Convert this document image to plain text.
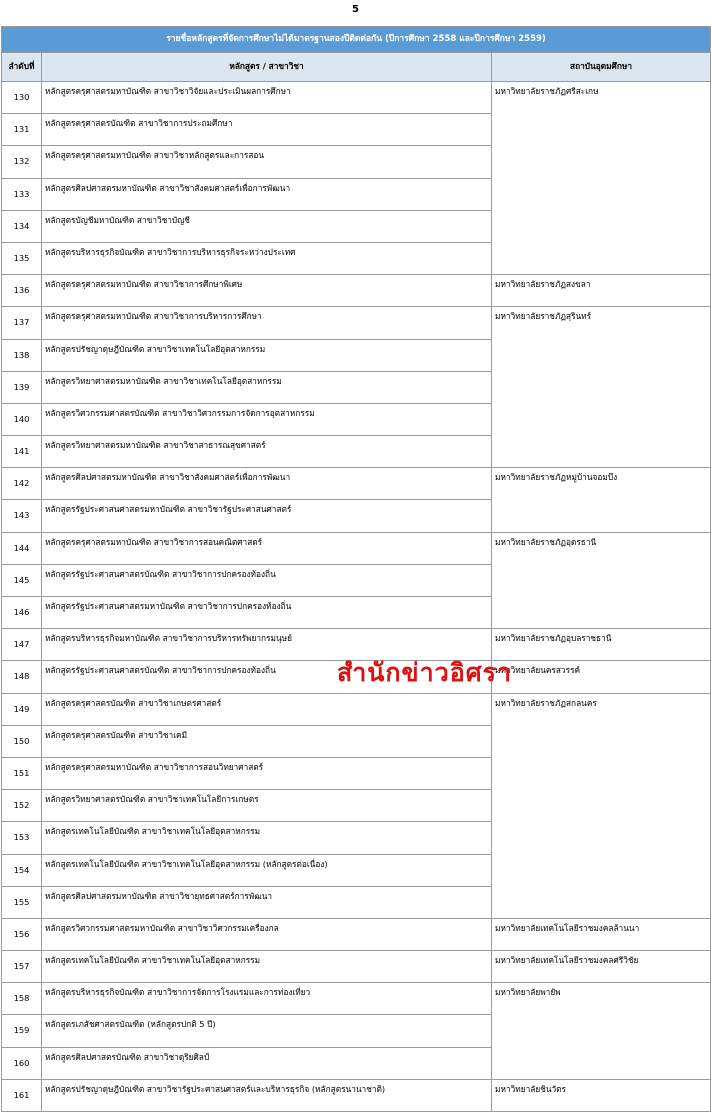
5
รายชื่อหลักสูตรที่จัดการศึกษาไม่ได้มาตรฐานสองปีติดต่อกัน (ปีการศึกษา 2558 และปีการศึกษา 2559)		
ลำดับที่	หลักสูตร / สาขาวิชา	สถาบันอุดมศึกษา
130	หลักสูตรครุศาสตรมหาบัณฑิต สาขาวิชาวิจัยและประเมินผลการศึกษา	มหาวิทยาลัยราชภัฏศรีสะเกษ
131	หลักสูตรครุศาสตรบัณฑิต สาขาวิชาการประถมศึกษา	
132	หลักสูตรครุศาสตรมหาบัณฑิต สาขาวิชาหลักสูตรและการสอน	
133	หลักสูตรศิลปศาสตรมหาบัณฑิต สาขาวิชาสังคมศาสตร์เพื่อการพัฒนา	
134	หลักสูตรบัญชีมหาบัณฑิต สาขาวิชาบัญชี	
135	หลักสูตรบริหารธุรกิจบัณฑิต สาขาวิชาการบริหารธุรกิจระหว่างประเทศ	
136	หลักสูตรครุศาสตรมหาบัณฑิต สาขาวิชาการศึกษาพิเศษ	มหาวิทยาลัยราชภัฏสงขลา
137	หลักสูตรครุศาสตรมหาบัณฑิต สาขาวิชาการบริหารการศึกษา	มหาวิทยาลัยราชภัฏสุรินทร์
138	หลักสูตรปรัชญาดุษฎีบัณฑิต สาขาวิชาเทคโนโลยีอุตสาหกรรม	
139	หลักสูตรวิทยาศาสตรมหาบัณฑิต สาขาวิชาเทคโนโลยีอุตสาหกรรม	
140	หลักสูตรวิศวกรรมศาสตรบัณฑิต สาขาวิชาวิศวกรรมการจัดการอุตสาหกรรม	
141	หลักสูตรวิทยาศาสตรมหาบัณฑิต สาขาวิชาสาธารณสุขศาสตร์	
142	หลักสูตรศิลปศาสตรมหาบัณฑิต สาขาวิชาสังคมศาสตร์เพื่อการพัฒนา	มหาวิทยาลัยราชภัฏหมู่บ้านจอมบึง
143	หลักสูตรรัฐประศาสนศาสตรมหาบัณฑิต สาขาวิชารัฐประศาสนศาสตร์	
144	หลักสูตรครุศาสตรมหาบัณฑิต สาขาวิชาการสอนคณิตศาสตร์	มหาวิทยาลัยราชภัฏอุดรธานี
145	หลักสูตรรัฐประศาสนศาสตรบัณฑิต สาขาวิชาการปกครองท้องถิ่น	
146	หลักสูตรรัฐประศาสนศาสตรมหาบัณฑิต สาขาวิชาการปกครองท้องถิ่น	
147	หลักสูตรบริหารธุรกิจมหาบัณฑิต สาขาวิชาการบริหารทรัพยากรมนุษย์	มหาวิทยาลัยราชภัฏอุบลราชธานี
148	หลักสูตรรัฐประศาสนศาสตรบัณฑิต สาขาวิชาการปกครองท้องถิ่น	มหาวิทยาลัยนครสวรรค์
149	หลักสูตรครุศาสตรบัณฑิต สาขาวิชาเกษตรศาสตร์	มหาวิทยาลัยราชภัฏสกลนคร
150	หลักสูตรครุศาสตรบัณฑิต สาขาวิชาเคมี	
151	หลักสูตรครุศาสตรมหาบัณฑิต สาขาวิชาการสอนวิทยาศาสตร์	
152	หลักสูตรวิทยาศาสตรบัณฑิต สาขาวิชาเทคโนโลยีการเกษตร	
153	หลักสูตรเทคโนโลยีบัณฑิต สาขาวิชาเทคโนโลยีอุตสาหกรรม	
154	หลักสูตรเทคโนโลยีบัณฑิต สาขาวิชาเทคโนโลยีอุตสาหกรรม (หลักสูตรต่อเนื่อง)	
155	หลักสูตรศิลปศาสตรมหาบัณฑิต สาขาวิชายุทธศาสตร์การพัฒนา	
156	หลักสูตรวิศวกรรมศาสตรมหาบัณฑิต สาขาวิชาวิศวกรรมเครื่องกล	มหาวิทยาลัยเทคโนโลยีราชมงคลล้านนา
157	หลักสูตรเทคโนโลยีบัณฑิต สาขาวิชาเทคโนโลยีอุตสาหกรรม	มหาวิทยาลัยเทคโนโลยีราชมงคลศรีวิชัย
158	หลักสูตรบริหารธุรกิจบัณฑิต สาขาวิชาการจัดการโรงแรมและการท่องเที่ยว	มหาวิทยาลัยพายัพ
159	หลักสูตรเภสัชศาสตรบัณฑิต (หลักสูตรปกติ 5 ปี)	
160	หลักสูตรศิลปศาสตรบัณฑิต สาขาวิชาดุริยศิลป์	
161	หลักสูตรปรัชญาดุษฎีบัณฑิต สาขาวิชารัฐประศาสนศาสตร์และบริหารธุรกิจ (หลักสูตรนานาชาติ)	มหาวิทยาลัยชินวัตร
สำนักข่าวอิศรา
